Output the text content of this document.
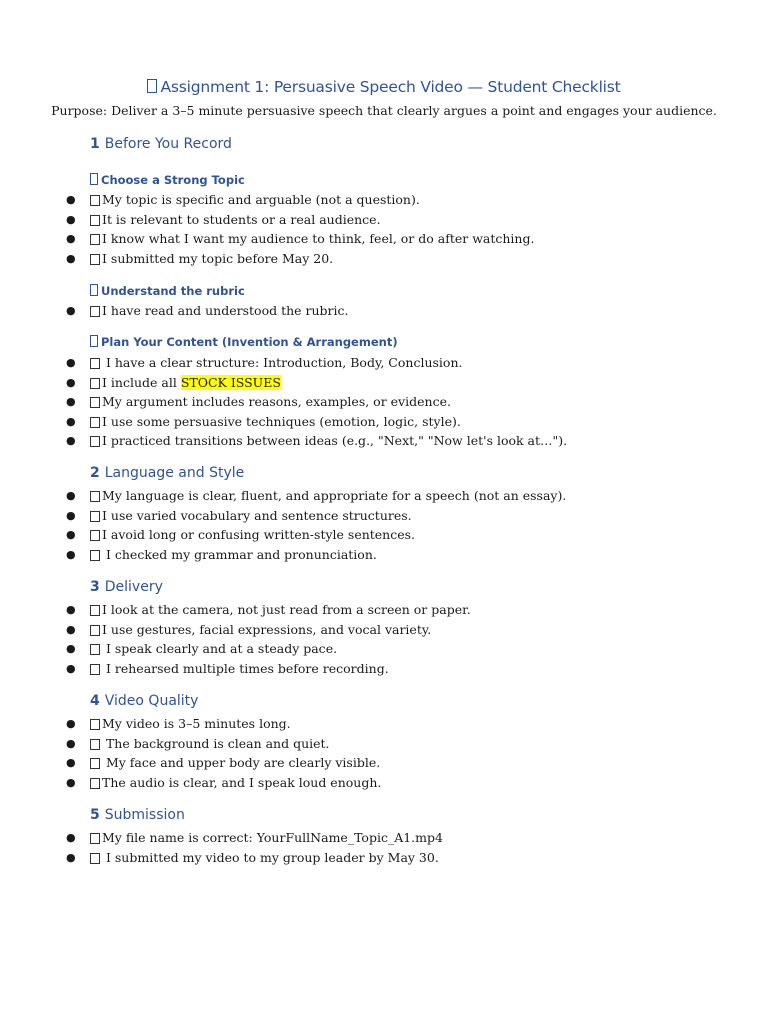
Assignment 1: Persuasive Speech Video — Student Checklist
Purpose: Deliver a 3–5 minute persuasive speech that clearly argues a point and engages your audience.
1 Before You Record
Choose a Strong Topic
● My topic is specific and arguable (not a question).
● It is relevant to students or a real audience.
● I know what I want my audience to think, feel, or do after watching.
● I submitted my topic before May 20.
Understand the rubric
● I have read and understood the rubric.
Plan Your Content (Invention & Arrangement)
● I have a clear structure: Introduction, Body, Conclusion.
● I include all STOCK ISSUES
● My argument includes reasons, examples, or evidence.
● I use some persuasive techniques (emotion, logic, style).
● I practiced transitions between ideas (e.g., "Next," "Now let's look at…").
2 Language and Style
● My language is clear, fluent, and appropriate for a speech (not an essay).
● I use varied vocabulary and sentence structures.
● I avoid long or confusing written-style sentences.
● I checked my grammar and pronunciation.
3 Delivery
● I look at the camera, not just read from a screen or paper.
● I use gestures, facial expressions, and vocal variety.
● I speak clearly and at a steady pace.
● I rehearsed multiple times before recording.
4 Video Quality
● My video is 3–5 minutes long.
● The background is clean and quiet.
● My face and upper body are clearly visible.
● The audio is clear, and I speak loud enough.
5 Submission
● My file name is correct: YourFullName_Topic_A1.mp4
● I submitted my video to my group leader by May 30.
